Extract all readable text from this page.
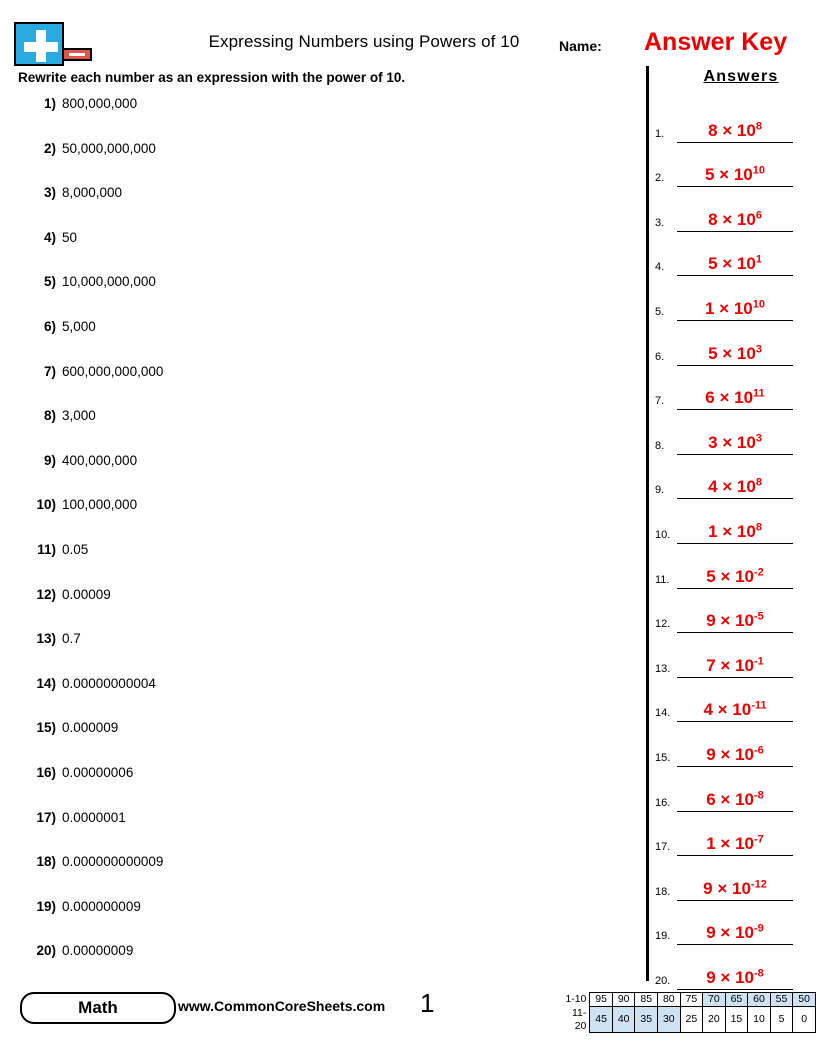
Expressing Numbers using Powers of 10	Name: Answer Key
Rewrite each number as an expression with the power of 10.
1) 800,000,000
2) 50,000,000,000
3) 8,000,000
4) 50
5) 10,000,000,000
6) 5,000
7) 600,000,000,000
8) 3,000
9) 400,000,000
10) 100,000,000
11) 0.05
12) 0.00009
13) 0.7
14) 0.00000000004
15) 0.000009
16) 0.00000006
17) 0.0000001
18) 0.000000000009
19) 0.000000009
20) 0.00000009
Answers
1.	$8 \times 10^8$
2.	$5 \times 10^{10}$
3.	$8 \times 10^6$
4.	$5 \times 10^1$
5.	$1 \times 10^{10}$
6.	$5 \times 10^3$
7.	$6 \times 10^{11}$
8.	$3 \times 10^3$
9.	$4 \times 10^8$
10.	$1 \times 10^8$
11.	$5 \times 10^{-2}$
12.	$9 \times 10^{-5}$
13.	$7 \times 10^{-1}$
14.	$4 \times 10^{-11}$
15.	$9 \times 10^{-6}$
16.	$6 \times 10^{-8}$
17.	$1 \times 10^{-7}$
18.	$9 \times 10^{-12}$
19.	$9 \times 10^{-9}$
20.	$9 \times 10^{-8}$
Math	www.CommonCoreSheets.com 1	1-10	95	90	85	80	75	70	65	60	55	50
11-20	45	40	35	30	25	20	15	10	5	0
